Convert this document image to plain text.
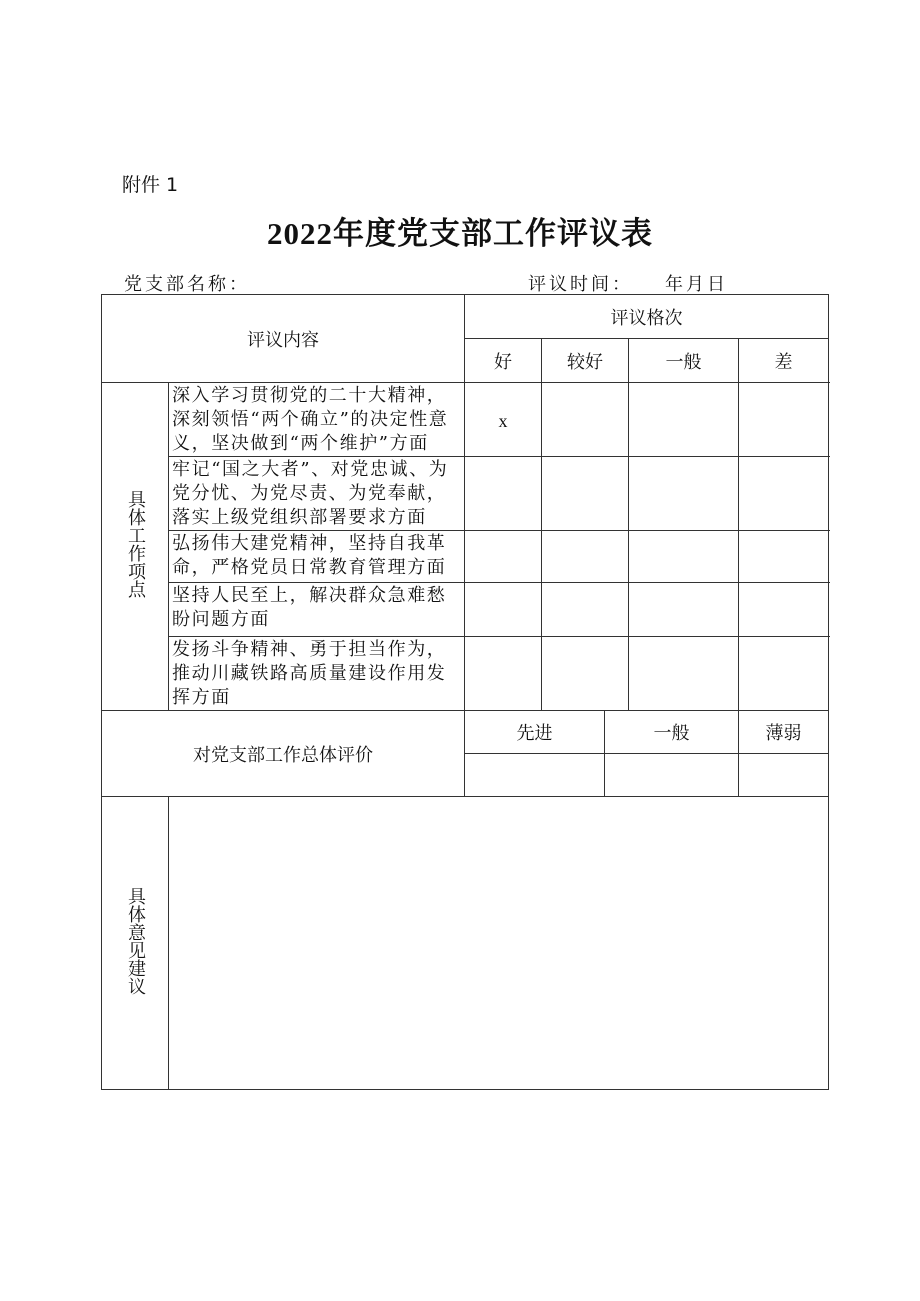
附件 1
2022年度党支部工作评议表
党支部名称：	评议时间： 年月日
评议内容		评议格次				
		好	较好		一般	差
具体工作项点	深入学习贯彻党的二十大精神，深刻领悟“两个确立”的决定性意义，坚决做到“两个维护”方面	x				
	牢记“国之大者”、对党忠诚、为党分忧、为党尽责、为党奉献，落实上级党组织部署要求方面					
	弘扬伟大建党精神，坚持自我革命，严格党员日常教育管理方面					
	坚持人民至上，解决群众急难愁盼问题方面					
	发扬斗争精神、勇于担当作为，推动川藏铁路高质量建设作用发挥方面					
对党支部工作总体评价		先进		一般		薄弱

具体意见建议						
